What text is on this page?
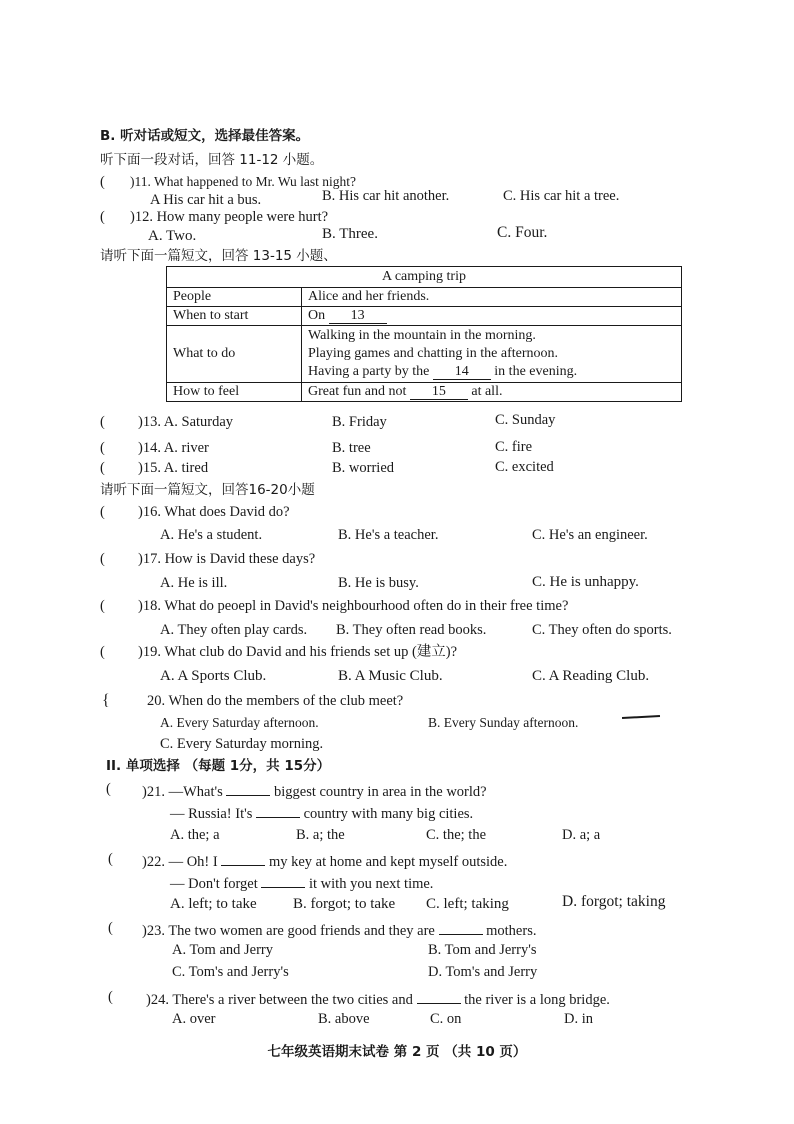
B. 听对话或短文，选择最佳答案。
听下面一段对话，回答 11-12 小题。
( )11. What happened to Mr. Wu last night?
A His car hit a bus.	B. His car hit another.	C. His car hit a tree.
( )12. How many people were hurt?
A. Two.	B. Three.	C. Four.
请听下面一篇短文，回答 13-15 小题、
A camping trip	
People	Alice and her friends.
When to start	On 13
What to do	Walking in the mountain in the morning.
Playing games and chatting in the afternoon.
Having a party by the 14 in the evening.

How to feel	Great fun and not 15 at all.
( )13. A. Saturday	B. Friday	C. Sunday
( )14. A. river	B. tree	C. fire
( )15. A. tired	B. worried	C. excited
请听下面一篇短文，回答16-20小题
( )16. What does David do?
A. He's a student.	B. He's a teacher.	C. He's an engineer.
( )17. How is David these days?
A. He is ill.	B. He is busy.	C. He is unhappy.
( )18. What do peoepl in David's neighbourhood often do in their free time?
A. They often play cards. B. They often read books.	C. They often do sports.
( )19. What club do David and his friends set up (建立)?
A. A Sports Club.	B. A Music Club.	C. A Reading Club.
{	20. When do the members of the club meet?
A. Every Saturday afternoon.	B. Every Sunday afternoon.
C. Every Saturday morning.
II. 单项选择 （每题 1分，共 15分）
( )21. —What's	biggest country in area in the world?
— Russia! It's	country with many big cities.
A. the; a	B. a; the	C. the; the	D. a; a
( )22. — Oh! I	my key at home and kept myself outside.
— Don't forget	it with you next time.
A. left; to take B. forgot; to take C. left; taking	D. forgot; taking
( )23. The two women are good friends and they are	mothers.
A. Tom and Jerry	B. Tom and Jerry's
C. Tom's and Jerry's	D. Tom's and Jerry
( )24. There's a river between the two cities and	the river is a long bridge.
A. over	B. above	C. on	D. in
七年级英语期末试卷 第 2 页 （共 10 页）
